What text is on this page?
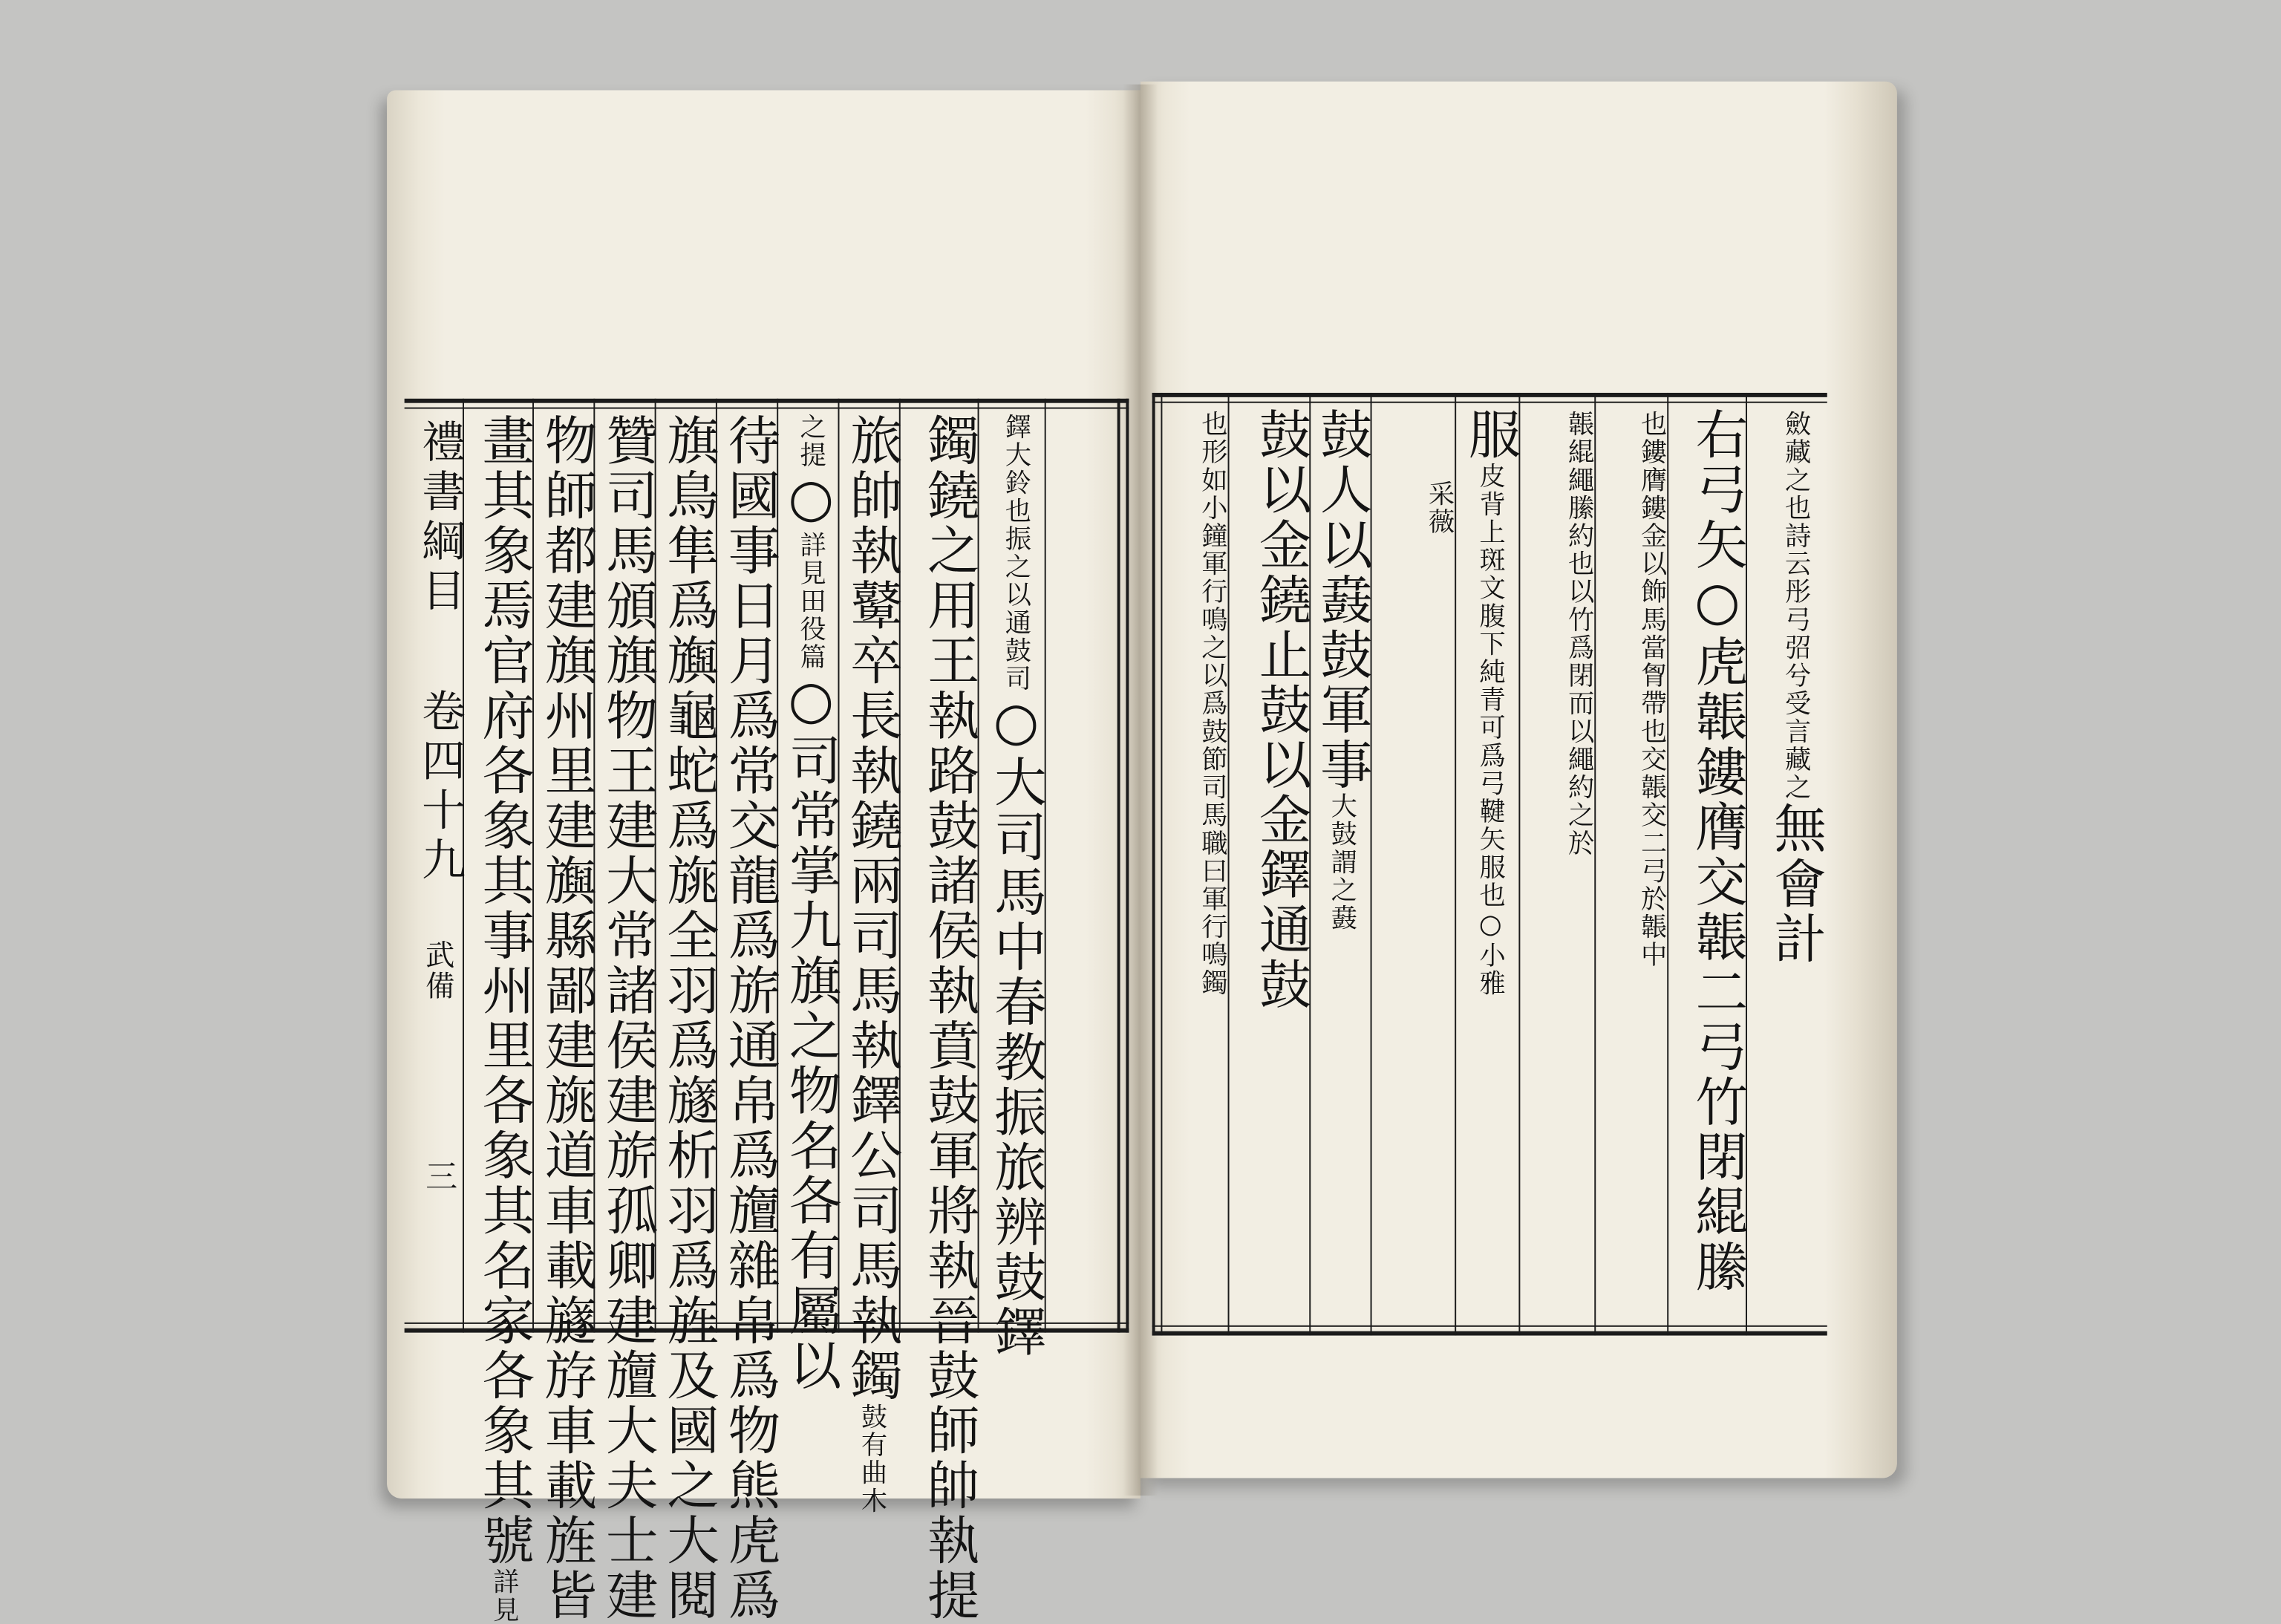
禮書綱目 卷四十九 武備 三 畫其象焉官府各象其事州里各象其名家各象其號詳見 物師都建旗州里建旟縣鄙建旐道車載旞斿車載旌皆 贊司馬頒旗物王建大常諸侯建旂孤卿建旜大夫士建 旗鳥隼爲旟龜蛇爲旐全羽爲旞析羽爲旌及國之大閱 待國事日月爲常交龍爲旂通帛爲旜雜帛爲物熊虎爲	之提○詳見田役篇○司常掌九旗之物名各有屬以 旅帥執鼙卒長執鐃兩司馬執鐸公司馬執鐲鼓有曲木	鐲鐃之用王執路鼓諸侯執賁鼓軍將執晉鼓師帥執提	鐸大鈴也振之以通鼓司○大司馬中春教振旅辨鼓鐸	也形如小鐘軍行鳴之以爲鼓節司馬職曰軍行鳴鐲 鼓以金鐃止鼓以金鐸通鼓 鼓人以鼖鼓軍事大鼓謂之鼖
采薇
服皮背上斑文腹下純青可爲弓鞬矢服也○小雅	韔緄繩縢約也以竹爲閉而以繩約之於	也鏤膺鏤金以飾馬當胷帶也交韔交二弓於韔中 右弓矢○虎韔鏤膺交韔二弓竹閉緄縢	斂藏之也詩云彤弓弨兮受言藏之無會計
